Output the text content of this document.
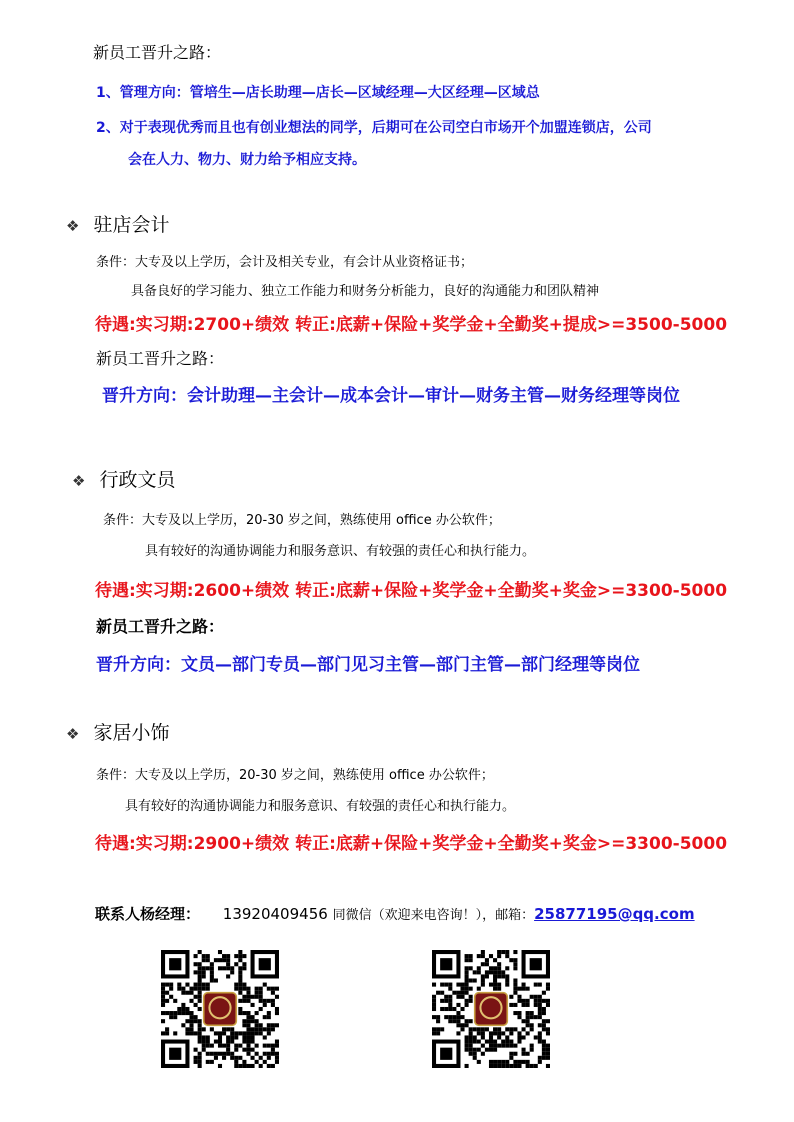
新员工晋升之路：
1、管理方向：管培生—店长助理—店长—区域经理—大区经理—区域总
2、对于表现优秀而且也有创业想法的同学，后期可在公司空白市场开个加盟连锁店，公司
会在人力、物力、财力给予相应支持。
❖ 驻店会计
条件：大专及以上学历，会计及相关专业，有会计从业资格证书；
具备良好的学习能力、独立工作能力和财务分析能力，良好的沟通能力和团队精神
待遇:实习期:2700+绩效 转正:底薪+保险+奖学金+全勤奖+提成>=3500-5000
新员工晋升之路：
晋升方向：会计助理—主会计—成本会计—审计—财务主管—财务经理等岗位
❖ 行政文员
条件：大专及以上学历，20-30 岁之间，熟练使用 office 办公软件；
具有较好的沟通协调能力和服务意识、有较强的责任心和执行能力。
待遇:实习期:2600+绩效 转正:底薪+保险+奖学金+全勤奖+奖金>=3300-5000
新员工晋升之路：
晋升方向：文员—部门专员—部门见习主管—部门主管—部门经理等岗位
❖ 家居小饰
条件：大专及以上学历，20-30 岁之间，熟练使用 office 办公软件；
具有较好的沟通协调能力和服务意识、有较强的责任心和执行能力。
待遇:实习期:2900+绩效 转正:底薪+保险+奖学金+全勤奖+奖金>=3300-5000
联系人杨经理： 13920409456 同微信（欢迎来电咨询！），邮箱：25877195@qq.com
